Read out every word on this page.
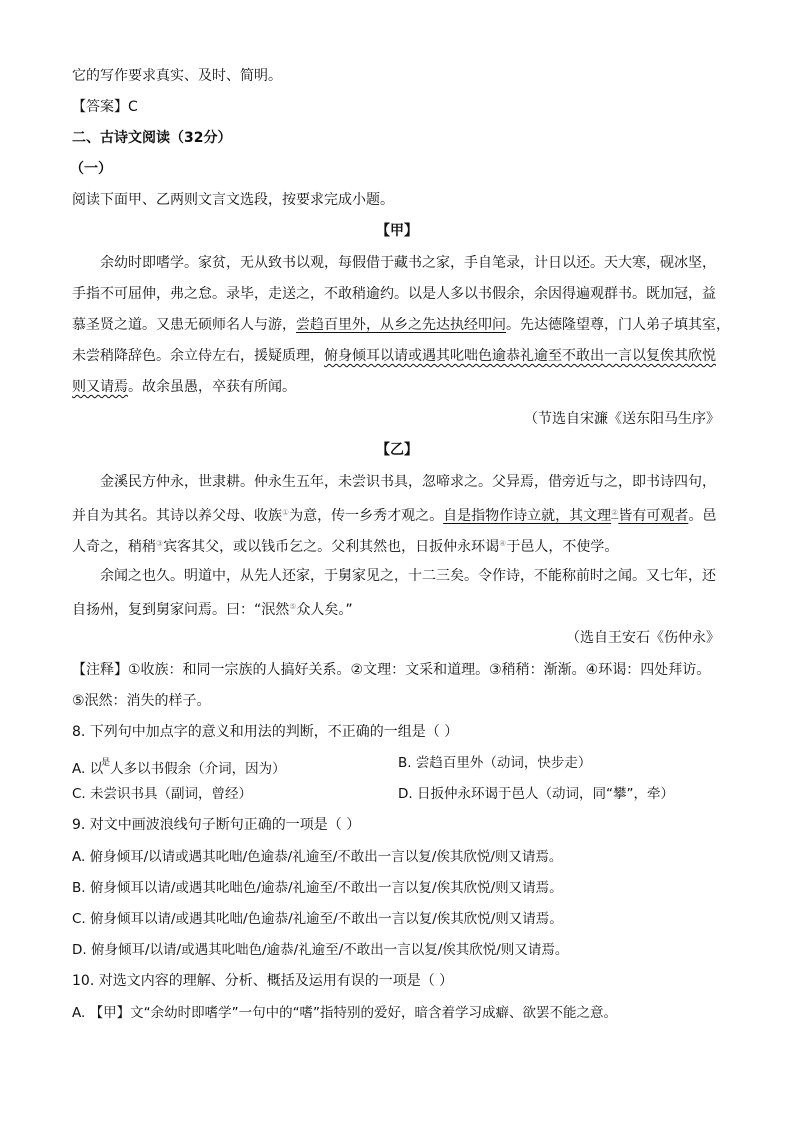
它的写作要求真实、及时、简明。
【答案】C
二、古诗文阅读（32分）
（一）
阅读下面甲、乙两则文言文选段，按要求完成小题。
【甲】
余幼时即嗜学。家贫，无从致书以观，每假借于藏书之家，手自笔录，计日以还。天大寒，砚冰坚，
手指不可屈伸，弗之怠。录毕，走送之，不敢稍逾约。以是人多以书假余，余因得遍观群书。既加冠，益
慕圣贤之道。又患无硕师名人与游，尝趋百里外，从乡之先达执经叩问。先达德隆望尊，门人弟子填其室，
未尝稍降辞色。余立侍左右，援疑质理，俯身倾耳以请或遇其叱咄色逾恭礼逾至不敢出一言以复俟其欣悦
则又请焉。故余虽愚，卒获有所闻。
（节选自宋濂《送东阳马生序》
【乙】
金溪民方仲永，世隶耕。仲永生五年，未尝识书具，忽啼求之。父异焉，借旁近与之，即书诗四句，
并自为其名。其诗以养父母、收族①为意，传一乡秀才观之。自是指物作诗立就，其文理②皆有可观者。邑
人奇之，稍稍③宾客其父，或以钱币乞之。父利其然也，日扳仲永环谒④于邑人，不使学。
余闻之也久。明道中，从先人还家，于舅家见之，十二三矣。令作诗，不能称前时之闻。又七年，还
自扬州，复到舅家问焉。曰：“泯然⑤众人矣。”
（选自王安石《伤仲永》
【注释】①收族：和同一宗族的人搞好关系。②文理：文采和道理。③稍稍：渐渐。④环谒：四处拜访。
⑤泯然：消失的样子。
8. 下列句中加点字的意义和用法的判断，不正确的一组是（ ）
A. 以$^是$人多以书假余（介词，因为）	B. 尝趋百里外（动词，快步走）
C. 未尝识书具（副词，曾经）	D. 日扳仲永环谒于邑人（动词，同“攀”，牵）
9. 对文中画波浪线句子断句正确的一项是（ ）
A. 俯身倾耳/以请或遇其叱咄/色逾恭/礼逾至/不敢出一言以复/俟其欣悦/则又请焉。
B. 俯身倾耳以请/或遇其叱咄色/逾恭/礼逾至/不敢出一言以复/俟其欣悦/则又请焉。
C. 俯身倾耳以请/或遇其叱咄/色逾恭/礼逾至/不敢出一言以复/俟其欣悦/则又请焉。
D. 俯身倾耳/以请/或遇其叱咄色/逾恭/礼逾至/不敢出一言以复/俟其欣悦/则又请焉。
10. 对选文内容的理解、分析、概括及运用有误的一项是（ ）
A. 【甲】文“余幼时即嗜学”一句中的“嗜”指特别的爱好，暗含着学习成癖、欲罢不能之意。
